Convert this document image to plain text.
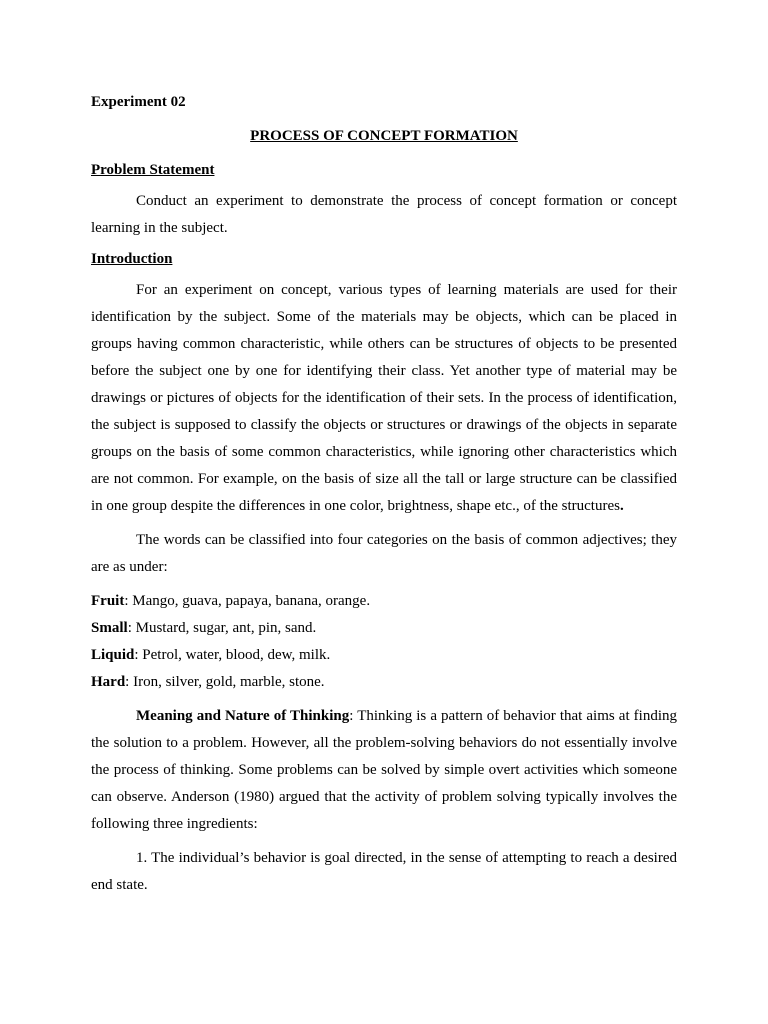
Experiment 02

PROCESS OF CONCEPT FORMATION

Problem Statement

Conduct an experiment to demonstrate the process of concept formation or concept learning in the subject.

Introduction

For an experiment on concept, various types of learning materials are used for their identification by the subject. Some of the materials may be objects, which can be placed in groups having common characteristic, while others can be structures of objects to be presented before the subject one by one for identifying their class. Yet another type of material may be drawings or pictures of objects for the identification of their sets. In the process of identification, the subject is supposed to classify the objects or structures or drawings of the objects in separate groups on the basis of some common characteristics, while ignoring other characteristics which are not common. For example, on the basis of size all the tall or large structure can be classified in one group despite the differences in one color, brightness, shape etc., of the structures.

The words can be classified into four categories on the basis of common adjectives; they are as under:

Fruit: Mango, guava, papaya, banana, orange.

Small: Mustard, sugar, ant, pin, sand.

Liquid: Petrol, water, blood, dew, milk.

Hard: Iron, silver, gold, marble, stone.

Meaning and Nature of Thinking: Thinking is a pattern of behavior that aims at finding the solution to a problem. However, all the problem-solving behaviors do not essentially involve the process of thinking. Some problems can be solved by simple overt activities which someone can observe. Anderson (1980) argued that the activity of problem solving typically involves the following three ingredients:

1. The individual’s behavior is goal directed, in the sense of attempting to reach a desired end state.
